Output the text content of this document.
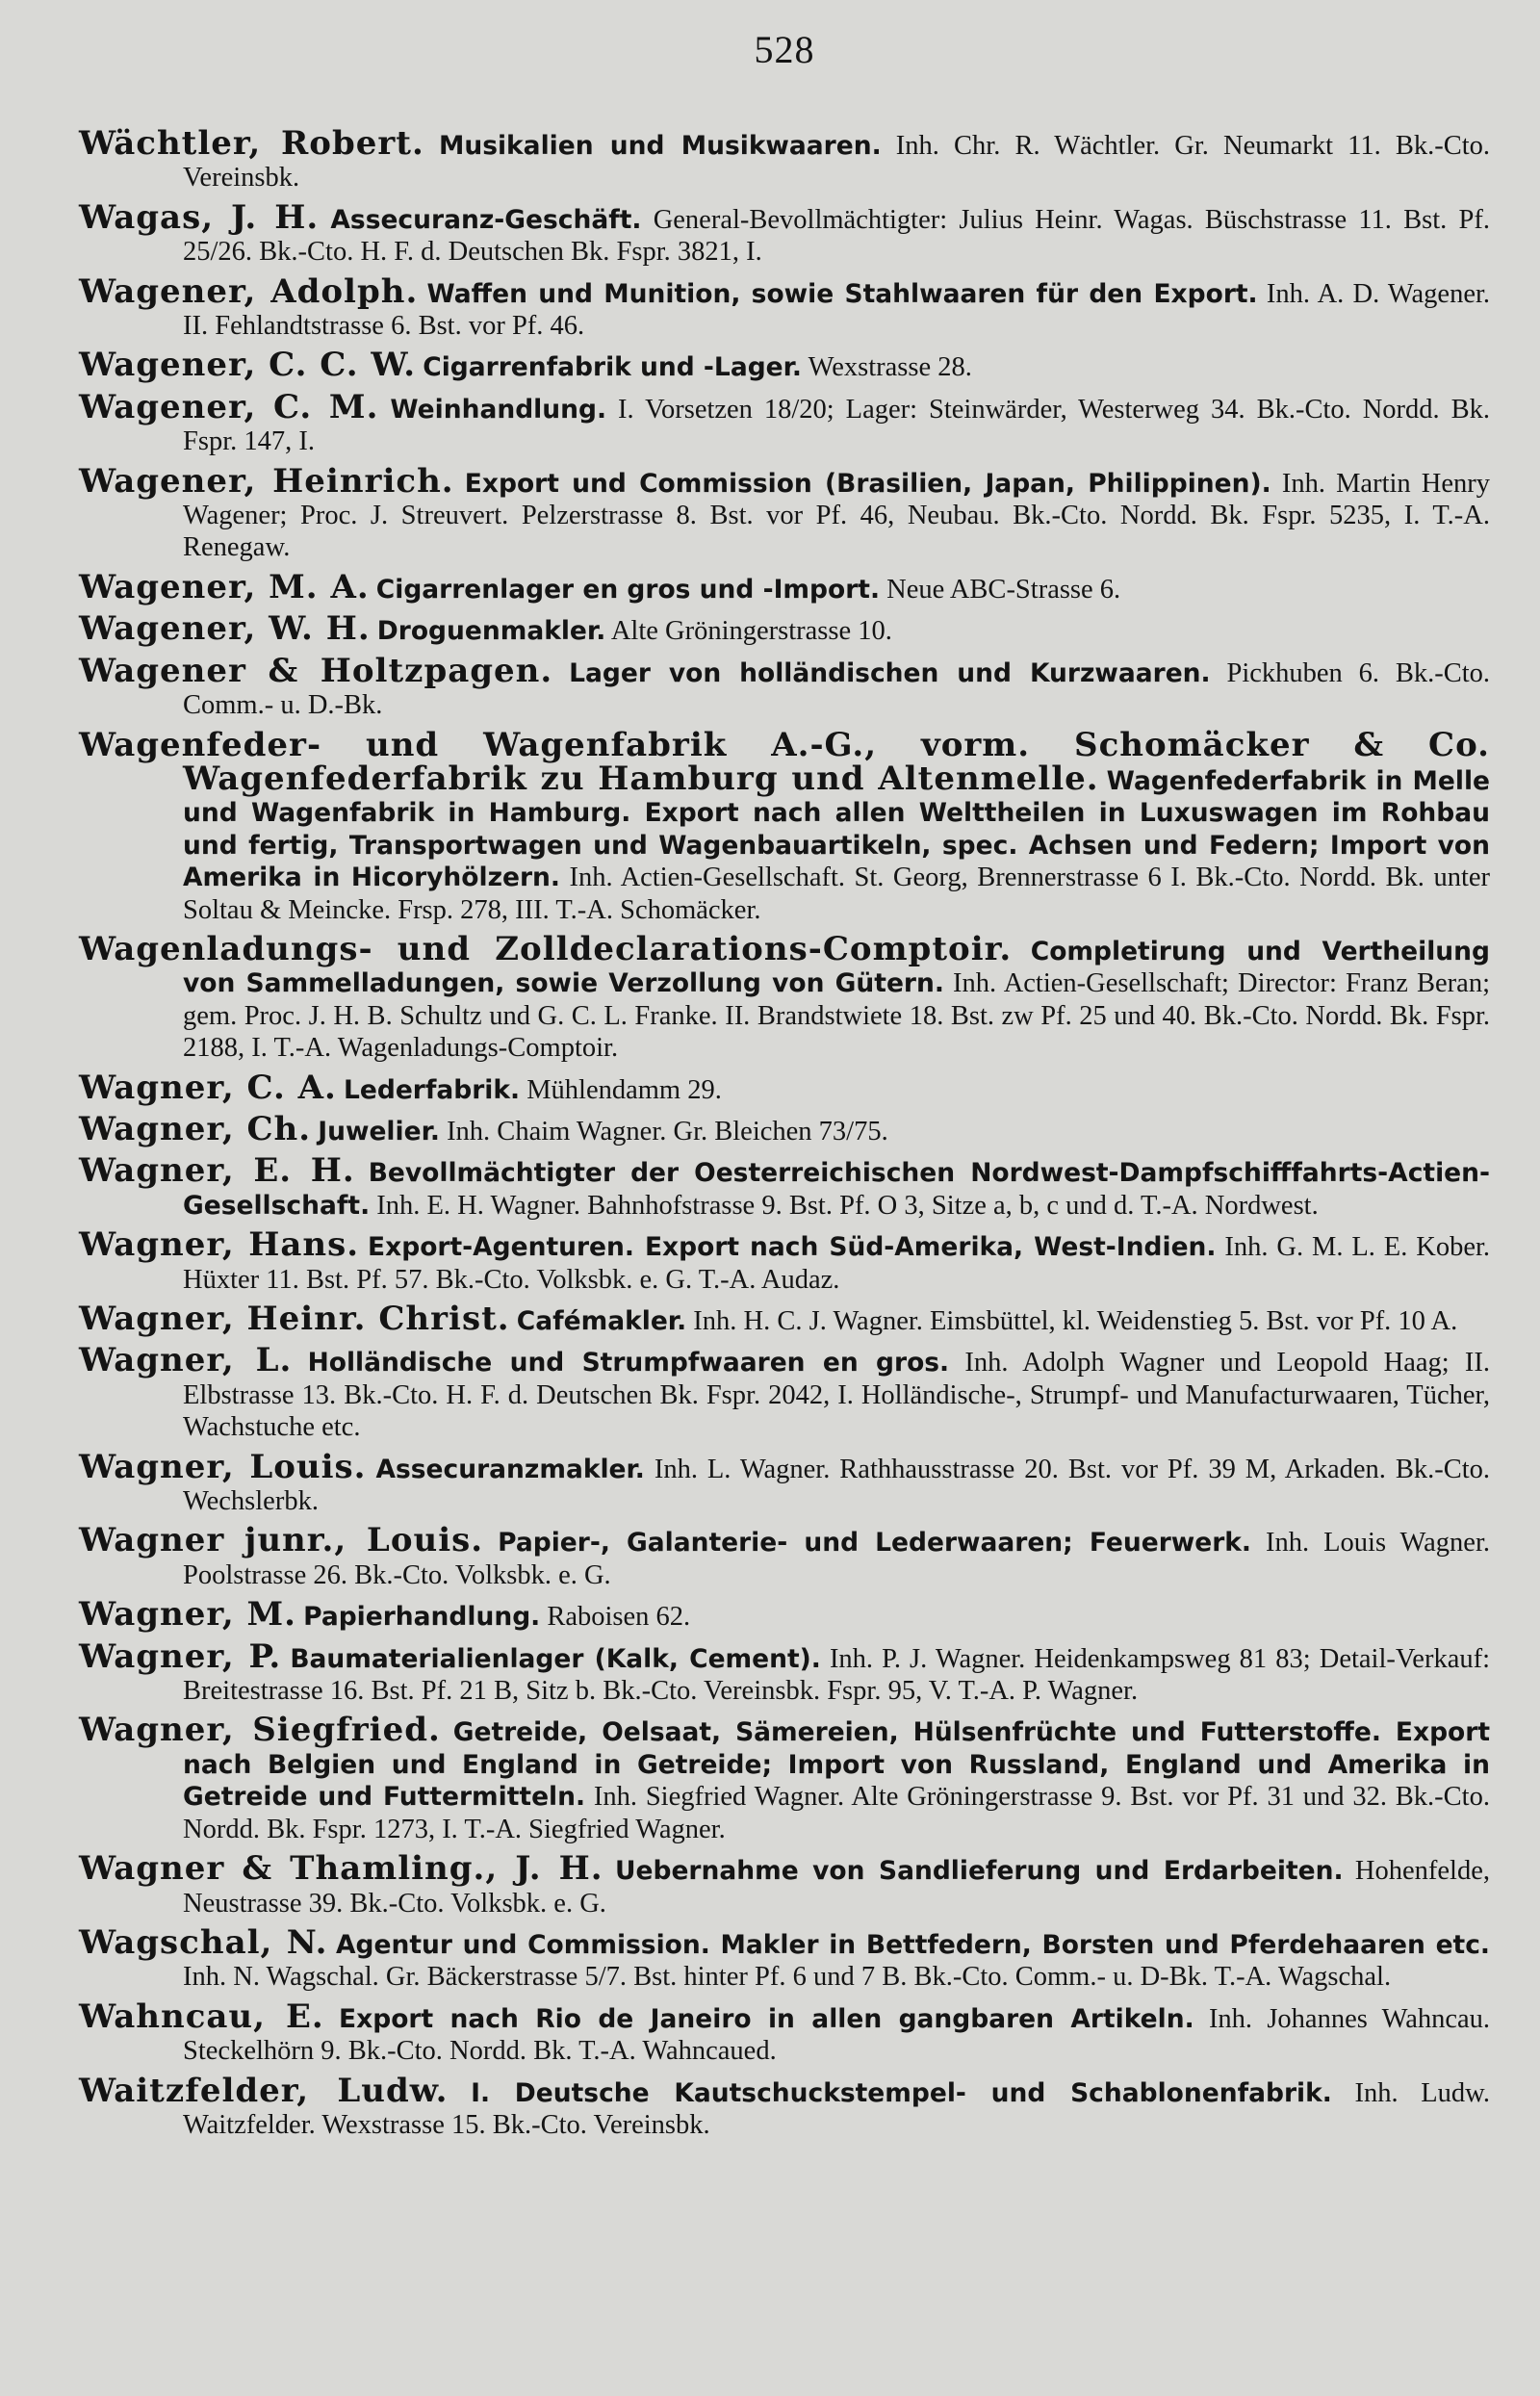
528

Wächtler, Robert. Musikalien und Musikwaaren. Inh. Chr. R. Wächtler. Gr. Neumarkt 11. Bk.-Cto. Vereinsbk.

Wagas, J. H. Assecuranz-Geschäft. General-Bevollmächtigter: Julius Heinr. Wagas. Büschstrasse 11. Bst. Pf. 25/26. Bk.-Cto. H. F. d. Deutschen Bk. Fspr. 3821, I.

Wagener, Adolph. Waffen und Munition, sowie Stahlwaaren für den Export. Inh. A. D. Wagener. II. Fehlandtstrasse 6. Bst. vor Pf. 46.

Wagener, C. C. W. Cigarrenfabrik und -Lager. Wexstrasse 28.

Wagener, C. M. Weinhandlung. I. Vorsetzen 18/20; Lager: Steinwärder, Westerweg 34. Bk.-Cto. Nordd. Bk. Fspr. 147, I.

Wagener, Heinrich. Export und Commission (Brasilien, Japan, Philippinen). Inh. Martin Henry Wagener; Proc. J. Streuvert. Pelzerstrasse 8. Bst. vor Pf. 46, Neubau. Bk.-Cto. Nordd. Bk. Fspr. 5235, I. T.-A. Renegaw.

Wagener, M. A. Cigarrenlager en gros und -Import. Neue ABC-Strasse 6.

Wagener, W. H. Droguenmakler. Alte Gröningerstrasse 10.

Wagener & Holtzpagen. Lager von holländischen und Kurzwaaren. Pickhuben 6. Bk.-Cto. Comm.- u. D.-Bk.

Wagenfeder- und Wagenfabrik A.-G., vorm. Schomäcker & Co. Wagenfederfabrik zu Hamburg und Altenmelle. Wagenfederfabrik in Melle und Wagenfabrik in Hamburg. Export nach allen Welttheilen in Luxuswagen im Rohbau und fertig, Transportwagen und Wagenbauartikeln, spec. Achsen und Federn; Import von Amerika in Hicoryhölzern. Inh. Actien-Gesellschaft. St. Georg, Brennerstrasse 6 I. Bk.-Cto. Nordd. Bk. unter Soltau & Meincke. Frsp. 278, III. T.-A. Schomäcker.

Wagenladungs- und Zolldeclarations-Comptoir. Completirung und Vertheilung von Sammelladungen, sowie Verzollung von Gütern. Inh. Actien-Gesellschaft; Director: Franz Beran; gem. Proc. J. H. B. Schultz und G. C. L. Franke. II. Brandstwiete 18. Bst. zw Pf. 25 und 40. Bk.-Cto. Nordd. Bk. Fspr. 2188, I. T.-A. Wagenladungs-Comptoir.

Wagner, C. A. Lederfabrik. Mühlendamm 29.

Wagner, Ch. Juwelier. Inh. Chaim Wagner. Gr. Bleichen 73/75.

Wagner, E. H. Bevollmächtigter der Oesterreichischen Nordwest-Dampfschifffahrts-Actien-Gesellschaft. Inh. E. H. Wagner. Bahnhofstrasse 9. Bst. Pf. O 3, Sitze a, b, c und d. T.-A. Nordwest.

Wagner, Hans. Export-Agenturen. Export nach Süd-Amerika, West-Indien. Inh. G. M. L. E. Kober. Hüxter 11. Bst. Pf. 57. Bk.-Cto. Volksbk. e. G. T.-A. Audaz.

Wagner, Heinr. Christ. Cafémakler. Inh. H. C. J. Wagner. Eimsbüttel, kl. Weidenstieg 5. Bst. vor Pf. 10 A.

Wagner, L. Holländische und Strumpfwaaren en gros. Inh. Adolph Wagner und Leopold Haag; II. Elbstrasse 13. Bk.-Cto. H. F. d. Deutschen Bk. Fspr. 2042, I. Holländische-, Strumpf- und Manufacturwaaren, Tücher, Wachstuche etc.

Wagner, Louis. Assecuranzmakler. Inh. L. Wagner. Rathhausstrasse 20. Bst. vor Pf. 39 M, Arkaden. Bk.-Cto. Wechslerbk.

Wagner junr., Louis. Papier-, Galanterie- und Lederwaaren; Feuerwerk. Inh. Louis Wagner. Poolstrasse 26. Bk.-Cto. Volksbk. e. G.

Wagner, M. Papierhandlung. Raboisen 62.

Wagner, P. Baumaterialienlager (Kalk, Cement). Inh. P. J. Wagner. Heidenkampsweg 81 83; Detail-Verkauf: Breitestrasse 16. Bst. Pf. 21 B, Sitz b. Bk.-Cto. Vereinsbk. Fspr. 95, V. T.-A. P. Wagner.

Wagner, Siegfried. Getreide, Oelsaat, Sämereien, Hülsenfrüchte und Futterstoffe. Export nach Belgien und England in Getreide; Import von Russland, England und Amerika in Getreide und Futtermitteln. Inh. Siegfried Wagner. Alte Gröningerstrasse 9. Bst. vor Pf. 31 und 32. Bk.-Cto. Nordd. Bk. Fspr. 1273, I. T.-A. Siegfried Wagner.

Wagner & Thamling., J. H. Uebernahme von Sandlieferung und Erdarbeiten. Hohenfelde, Neustrasse 39. Bk.-Cto. Volksbk. e. G.

Wagschal, N. Agentur und Commission. Makler in Bettfedern, Borsten und Pferdehaaren etc. Inh. N. Wagschal. Gr. Bäckerstrasse 5/7. Bst. hinter Pf. 6 und 7 B. Bk.-Cto. Comm.- u. D-Bk. T.-A. Wagschal.

Wahncau, E. Export nach Rio de Janeiro in allen gangbaren Artikeln. Inh. Johannes Wahncau. Steckelhörn 9. Bk.-Cto. Nordd. Bk. T.-A. Wahncaued.

Waitzfelder, Ludw. I. Deutsche Kautschuckstempel- und Schablonenfabrik. Inh. Ludw. Waitzfelder. Wexstrasse 15. Bk.-Cto. Vereinsbk.
